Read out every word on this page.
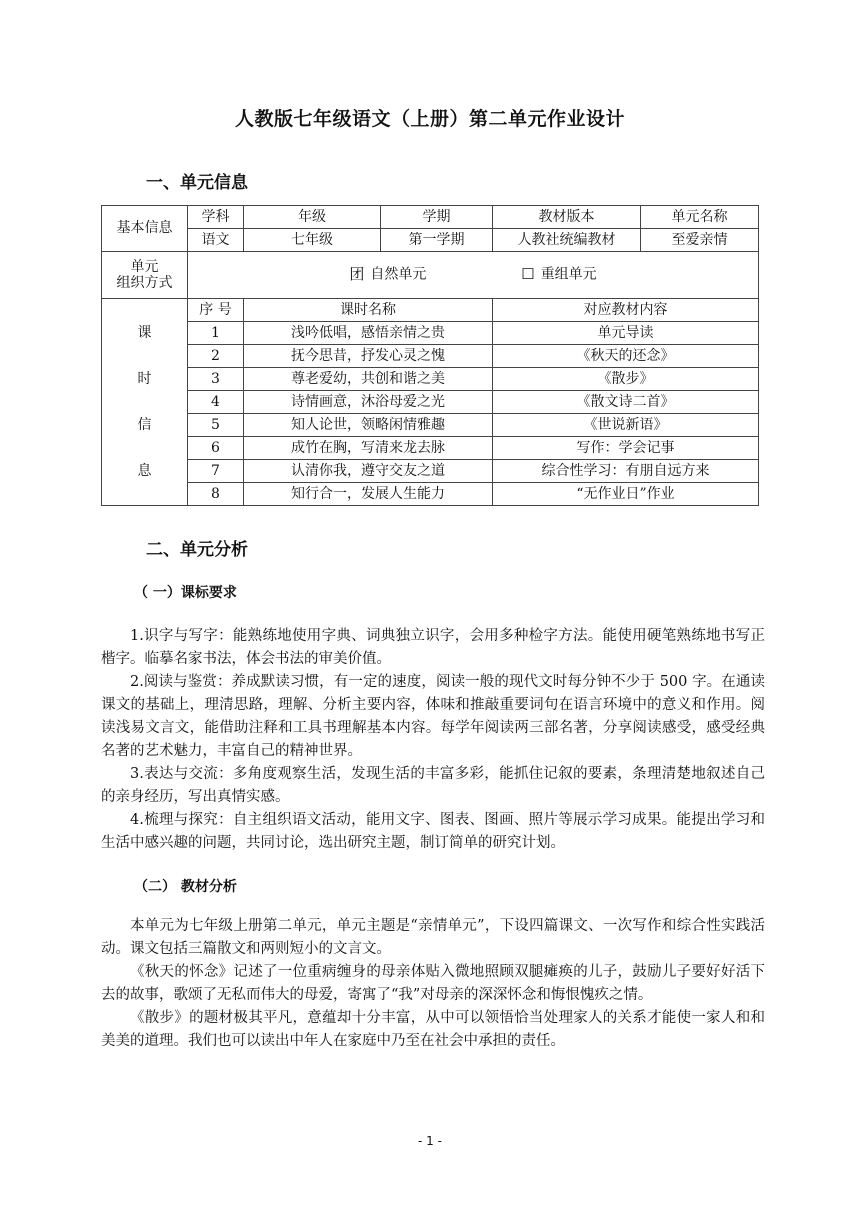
人教版七年级语文（上册）第二单元作业设计
一、单元信息
基本信息	学科	年级	学期	教材版本	单元名称
	语文	七年级	第一学期	人教社统编教材	至爱亲情

单元
组织方式	团 自然单元 ☐ 重组单元				

课
时
信
息	序 号	课时名称		对应教材内容	
	1	浅吟低唱，感悟亲情之贵		单元导读	
	2	抚今思昔，抒发心灵之愧		《秋天的还念》	
	3	尊老爱幼，共创和谐之美		《散步》	
	4	诗情画意，沐浴母爱之光		《散文诗二首》	
	5	知人论世，领略闲情雅趣		《世说新语》	
	6	成竹在胸，写清来龙去脉		写作：学会记事	
	7	认清你我，遵守交友之道		综合性学习：有朋自远方来	
	8	知行合一，发展人生能力		“无作业日”作业	
二、单元分析
（ 一）课标要求

1.识字与写字：能熟练地使用字典、词典独立识字，会用多种检字方法。能使用硬笔熟练地书写正楷字。临摹名家书法，体会书法的审美价值。

2.阅读与鉴赏：养成默读习惯，有一定的速度，阅读一般的现代文时每分钟不少于 500 字。在通读课文的基础上，理清思路，理解、分析主要内容，体味和推敲重要词句在语言环境中的意义和作用。阅读浅易文言文，能借助注释和工具书理解基本内容。每学年阅读两三部名著，分享阅读感受，感受经典名著的艺术魅力，丰富自己的精神世界。

3.表达与交流：多角度观察生活，发现生活的丰富多彩，能抓住记叙的要素，条理清楚地叙述自己的亲身经历，写出真情实感。

4.梳理与探究：自主组织语文活动，能用文字、图表、图画、照片等展示学习成果。能提出学习和生活中感兴趣的问题，共同讨论，选出研究主题，制订简单的研究计划。

（二） 教材分析

本单元为七年级上册第二单元，单元主题是“亲情单元”，下设四篇课文、一次写作和综合性实践活动。课文包括三篇散文和两则短小的文言文。

《秋天的怀念》记述了一位重病缠身的母亲体贴入微地照顾双腿瘫痪的儿子，鼓励儿子要好好活下去的故事，歌颂了无私而伟大的母爱，寄寓了“我”对母亲的深深怀念和悔恨愧疚之情。

《散步》的题材极其平凡，意蕴却十分丰富，从中可以领悟恰当处理家人的关系才能使一家人和和美美的道理。我们也可以读出中年人在家庭中乃至在社会中承担的责任。

- 1 -
